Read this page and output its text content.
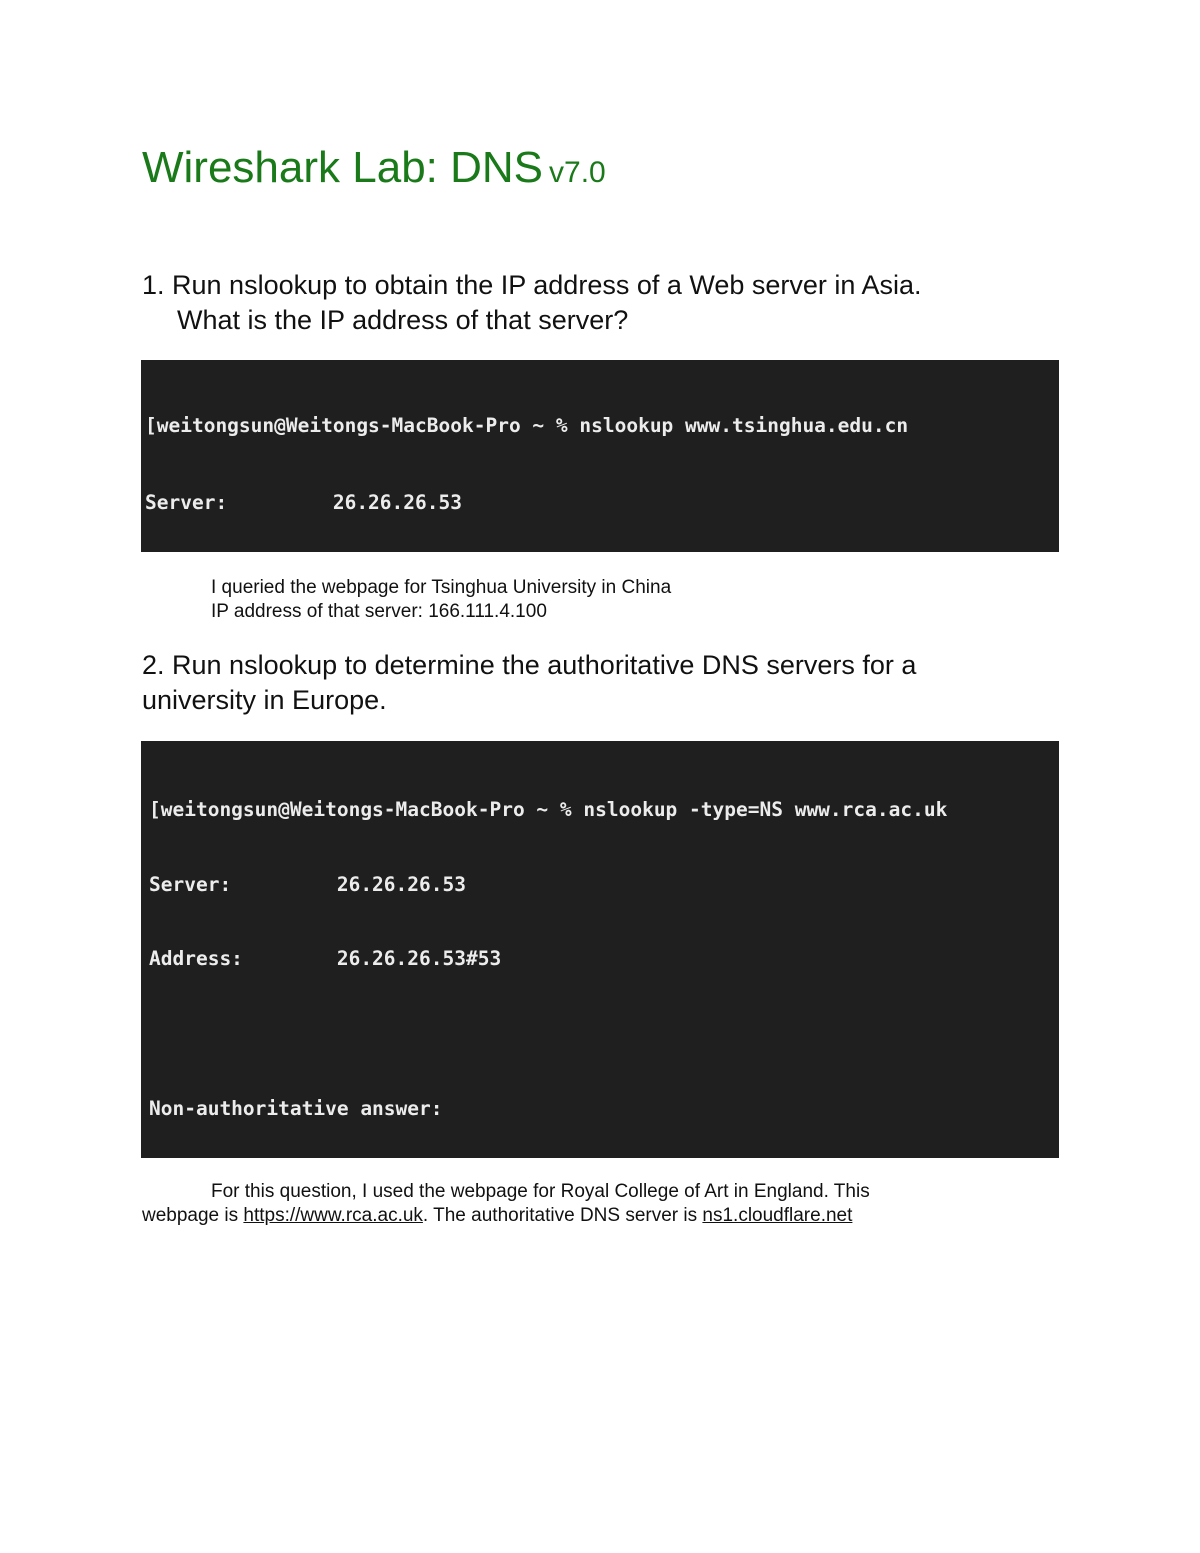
Wireshark Lab: DNS v7.0
1. Run nslookup to obtain the IP address of a Web server in Asia.
What is the IP address of that server?

[weitongsun@Weitongs-MacBook-Pro ~ % nslookup www.tsinghua.edu.cn

Server:         26.26.26.53

I queried the webpage for Tsinghua University in China
IP address of that server: 166.111.4.100
2. Run nslookup to determine the authoritative DNS servers for a
university in Europe.

[weitongsun@Weitongs-MacBook-Pro ~ % nslookup -type=NS www.rca.ac.uk

Server:         26.26.26.53

Address:        26.26.26.53#53

Non-authoritative answer:

For this question, I used the webpage for Royal College of Art in England. This
webpage is https://www.rca.ac.uk. The authoritative DNS server is ns1.cloudflare.net
